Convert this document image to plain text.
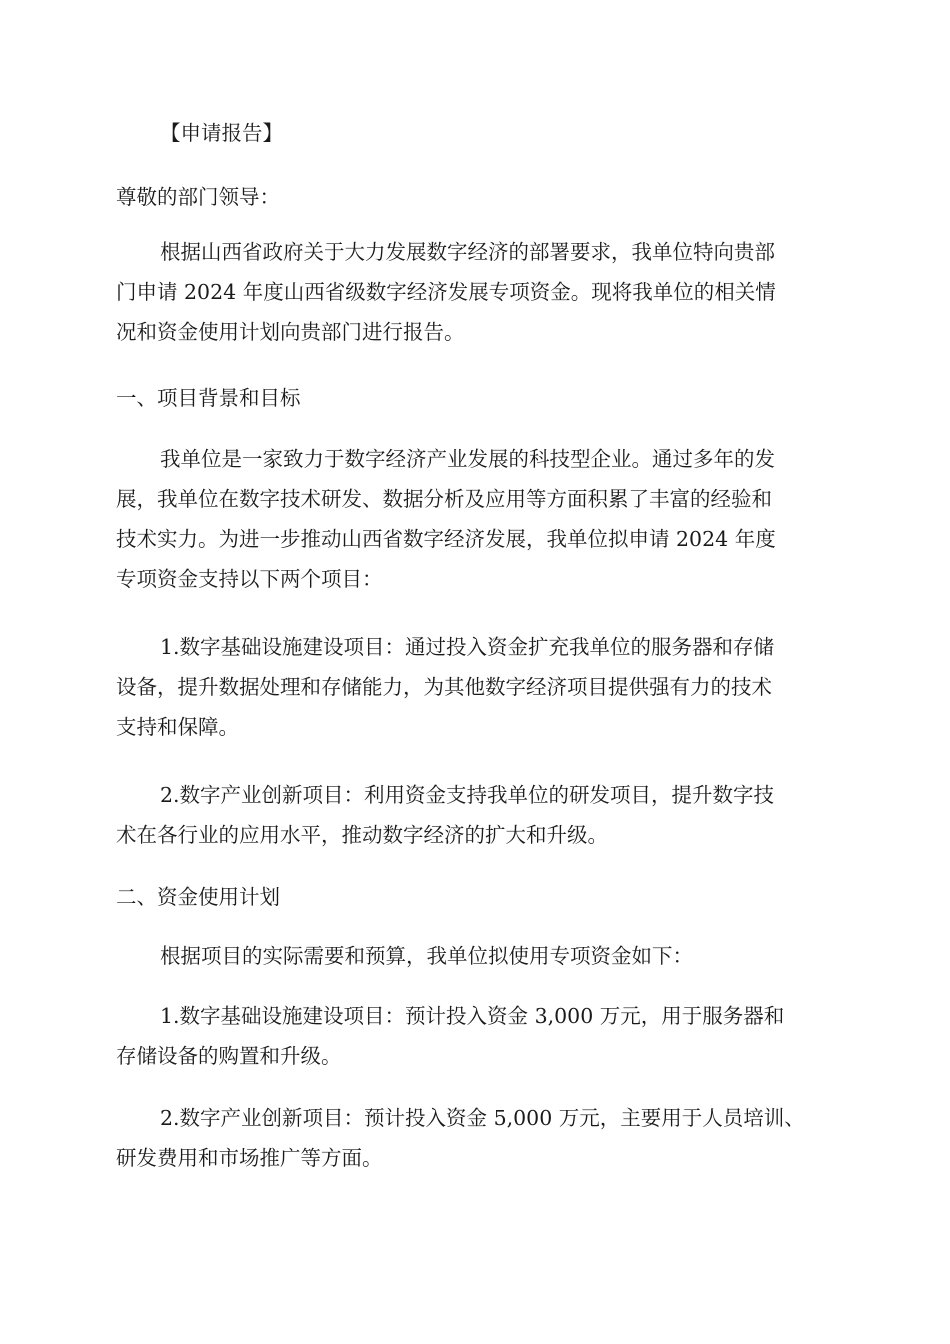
【申请报告】

尊敬的部门领导：

根据山西省政府关于大力发展数字经济的部署要求，我单位特向贵部
门申请 2024 年度山西省级数字经济发展专项资金。现将我单位的相关情
况和资金使用计划向贵部门进行报告。

一、项目背景和目标

我单位是一家致力于数字经济产业发展的科技型企业。通过多年的发
展，我单位在数字技术研发、数据分析及应用等方面积累了丰富的经验和
技术实力。为进一步推动山西省数字经济发展，我单位拟申请 2024 年度
专项资金支持以下两个项目：

1.数字基础设施建设项目：通过投入资金扩充我单位的服务器和存储
设备，提升数据处理和存储能力，为其他数字经济项目提供强有力的技术
支持和保障。

2.数字产业创新项目：利用资金支持我单位的研发项目，提升数字技
术在各行业的应用水平，推动数字经济的扩大和升级。

二、资金使用计划

根据项目的实际需要和预算，我单位拟使用专项资金如下：

1.数字基础设施建设项目：预计投入资金 3,000 万元，用于服务器和
存储设备的购置和升级。

2.数字产业创新项目：预计投入资金 5,000 万元，主要用于人员培训、
研发费用和市场推广等方面。
